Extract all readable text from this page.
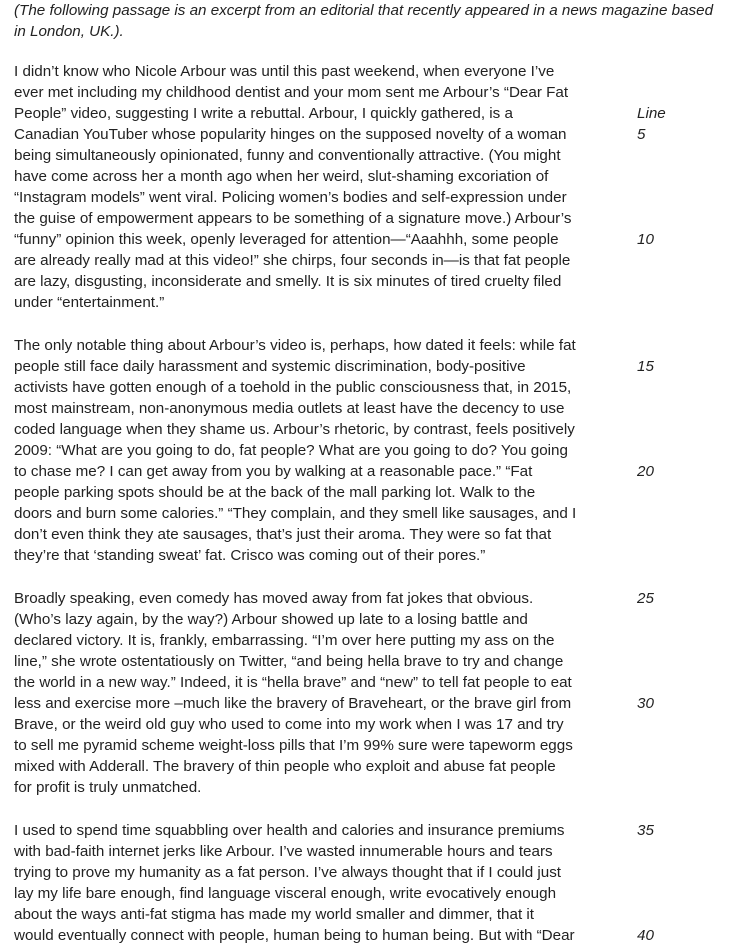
(The following passage is an excerpt from an editorial that recently appeared in a news magazine based
in London, UK.).

I didn’t know who Nicole Arbour was until this past weekend, when everyone I’ve
ever met including my childhood dentist and your mom sent me Arbour’s “Dear Fat
People” video, suggesting I write a rebuttal. Arbour, I quickly gathered, is a
Canadian YouTuber whose popularity hinges on the supposed novelty of a woman
being simultaneously opinionated, funny and conventionally attractive. (You might
have come across her a month ago when her weird, slut-shaming excoriation of
“Instagram models” went viral. Policing women’s bodies and self-expression under
the guise of empowerment appears to be something of a signature move.) Arbour’s
“funny” opinion this week, openly leveraged for attention—“Aaahhh, some people
are already really mad at this video!” she chirps, four seconds in—is that fat people
are lazy, disgusting, inconsiderate and smelly. It is six minutes of tired cruelty filed
under “entertainment.”
The only notable thing about Arbour’s video is, perhaps, how dated it feels: while fat
people still face daily harassment and systemic discrimination, body-positive
activists have gotten enough of a toehold in the public consciousness that, in 2015,
most mainstream, non-anonymous media outlets at least have the decency to use
coded language when they shame us. Arbour’s rhetoric, by contrast, feels positively
2009: “What are you going to do, fat people? What are you going to do? You going
to chase me? I can get away from you by walking at a reasonable pace.” “Fat
people parking spots should be at the back of the mall parking lot. Walk to the
doors and burn some calories.” “They complain, and they smell like sausages, and I
don’t even think they ate sausages, that’s just their aroma. They were so fat that
they’re that ‘standing sweat’ fat. Crisco was coming out of their pores.”
Broadly speaking, even comedy has moved away from fat jokes that obvious.
(Who’s lazy again, by the way?) Arbour showed up late to a losing battle and
declared victory. It is, frankly, embarrassing. “I’m over here putting my ass on the
line,” she wrote ostentatiously on Twitter, “and being hella brave to try and change
the world in a new way.” Indeed, it is “hella brave” and “new” to tell fat people to eat
less and exercise more –much like the bravery of Braveheart, or the brave girl from
Brave, or the weird old guy who used to come into my work when I was 17 and try
to sell me pyramid scheme weight-loss pills that I’m 99% sure were tapeworm eggs
mixed with Adderall. The bravery of thin people who exploit and abuse fat people
for profit is truly unmatched.
I used to spend time squabbling over health and calories and insurance premiums
with bad-faith internet jerks like Arbour. I’ve wasted innumerable hours and tears
trying to prove my humanity as a fat person. I’ve always thought that if I could just
lay my life bare enough, find language visceral enough, write evocatively enough
about the ways anti-fat stigma has made my world smaller and dimmer, that it
would eventually connect with people, human being to human being. But with “Dear
Line
5
10
15
20
25
30
35
40
